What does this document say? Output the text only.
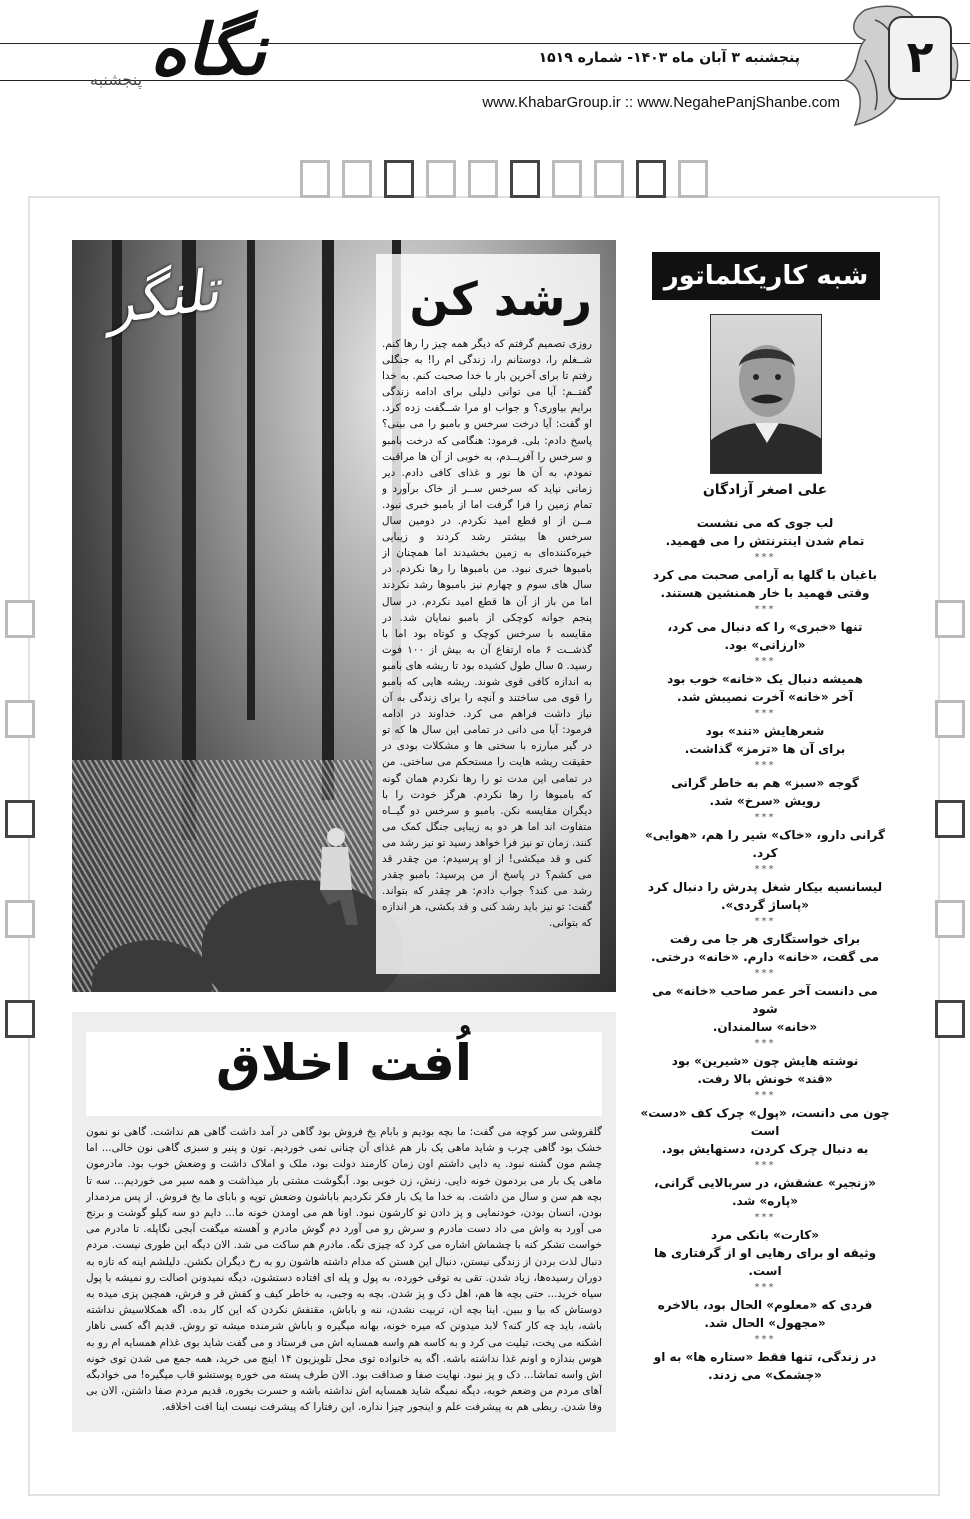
نگاه
پنجشنبه
پنجشنبه ۳ آبان ماه ۱۴۰۳- شماره ۱۵۱۹
www.KhabarGroup.ir :: www.NegahePanjShanbe.com
۲
تلنگر	رشد کن
روزی تصمیم گرفتم که دیگر همه چیز را رها کنم. شــغلم را، دوستانم را، زندگی ام را! به جنگلی رفتم تا برای آخرین بار با خدا صحبت کنم. به خدا گفتــم: آیا می توانی دلیلی برای ادامه زندگی برایم بیاوری؟ و جواب او مرا شــگفت زده کرد. او گفت: آیا درخت سرخس و بامبو را می بینی؟ پاسخ دادم: بلی. فرمود: هنگامی که درخت بامبو و سرخس را آفریــدم، به خوبی از آن ها مراقبت نمودم، به آن ها نور و غذای کافی دادم. دیر زمانی نپاید که سرخس ســر از خاک برآورد و تمام زمین را فرا گرفت اما از بامبو خبری نبود. مــن از او قطع امید نکردم. در دومین سال سرخس ها بیشتر رشد کردند و زیبایی خیره‌کننده‌ای به زمین بخشیدند اما همچنان از بامبوها خبری نبود. من بامبوها را رها نکردم. در سال های سوم و چهارم نیز بامبوها رشد نکردند اما من باز از آن ها قطع امید نکردم. در سال پنجم جوانه کوچکی از بامبو نمایان شد. در مقایسه با سرخس کوچک و کوتاه بود اما با گذشــت ۶ ماه ارتفاع آن به بیش از ۱۰۰ فوت رسید. ۵ سال طول کشیده بود تا ریشه های بامبو به اندازه کافی قوی شوند. ریشه هایی که بامبو را قوی می ساختند و آنچه را برای زندگی به آن نیاز داشت فراهم می کرد. خداوند در ادامه فرمود: آیا می دانی در تمامی این سال ها که تو در گیر مبارزه با سختی ها و مشکلات بودی در حقیقت ریشه هایت را مستحکم می ساختی. من در تمامی این مدت تو را رها نکردم همان گونه که بامبوها را رها نکردم. هرگز خودت را با دیگران مقایسه نکن. بامبو و سرخس دو گیــاه متفاوت اند اما هر دو به زیبایی جنگل کمک می کنند. زمان تو نیز فرا خواهد رسید تو نیز رشد می کنی و قد میکشی! از او پرسیدم: من چقدر قد می کشم؟ در پاسخ از من پرسید: بامبو چقدر رشد می کند؟ جواب دادم: هر چقدر که بتواند. گفت: تو نیز باید رشد کنی و قد بکشی، هر اندازه که بتوانی.
شبه کاریکلماتور
علی اصغر آزادگان
لب جوی که می نشست
تمام شدن اینترنتش را می فهمید.
***
باغبان با گلها به آرامی صحبت می کرد
وقتی فهمید با خار همنشین هستند.
***
تنها «خبری» را که دنبال می کرد، «ارزانی» بود.
***
همیشه دنبال یک «خانه» خوب بود
آخر «خانه» آخرت نصیبش شد.
***
شعرهایش «تند» بود
برای آن ها «ترمز» گذاشت.
***
گوجه «سبز» هم به خاطر گرانی
رویش «سرخ» شد.
***
گرانی دارو، «خاک» شیر را هم، «هوایی» کرد.
***
لیسانسیه بیکار شغل پدرش را دنبال کرد
«پاساژ گردی».
***
برای خواستگاری هر جا می رفت
می گفت، «خانه» دارم. «خانه» درختی.
***
می دانست آخر عمر صاحب «خانه» می شود
«خانه» سالمندان.
***
نوشته هایش چون «شیرین» بود
«قند» خونش بالا رفت.
***
چون می دانست، «پول» چرک کف «دست» است
به دنبال چرک کردن، دستهایش بود.
***
«زنجیر» عشقش، در سربالایی گرانی، «پاره» شد.
***
«کارت» بانکی مرد
وثیقه او برای رهایی او از گرفتاری ها است.
***
فردی که «معلوم» الحال بود، بالاخره
«مجهول» الحال شد.
***
در زندگی، تنها فقط «ستاره ها» به او
«چشمک» می زدند.
اُفت اخلاق
گلفروشی سر کوچه می گفت: ما بچه بودیم و بابام یخ فروش بود گاهی در آمد داشت گاهی هم نداشت. گاهی نو نمون خشک بود گاهی چرب و شاید ماهی یک بار هم غذای آن چنانی نمی خوردیم. نون و پنیر و سبزی گاهی نون خالی... اما چشم مون گشنه نبود. یه دایی داشتم اون زمان کارمند دولت بود، ملک و املاک داشت و وضعش خوب بود. مادرمون ماهی یک بار می بردمون خونه دایی. زنش، زن خوبی بود. آبگوشت مشتی بار میذاشت و همه سیر می خوردیم... سه تا بچه هم سن و سال من داشت. به خدا ما یک بار فکر نکردیم باباشون وضعش توپه و بابای ما یخ فروش. از پس مردمدار بودن، انسان بودن، خودنمایی و پز دادن تو کارشون نبود. اونا هم می اومدن خونه ما... دایم دو سه کیلو گوشت و برنج می آورد به واش می داد دست مادرم و سرش رو می آورد دم گوش مادرم و آهسته میگفت آبجی نگاپله. تا مادرم می خواست تشکر کنه با چشماش اشاره می کرد که چیزی نگه. مادرم هم ساکت می شد. الان دیگه این طوری نیست. مردم دنبال لذت بردن از زندگی نیستن، دنبال این هستن که مدام داشته هاشون رو به رخ دیگران بکشن. دلیلشم اینه که تازه به دوران رسیده‌ها، زیاد شدن. تقی به توقی خورده، به پول و پله ای افتاده دستشون، دیگه نمیدونن اصالت رو نمیشه با پول سیاه خرید... حتی بچه ها هم، اهل دک و پز شدن. بچه به وجبی، به خاطر کیف و کفش قر و فرش، همچین پزی میده به دوستاش که بیا و ببین. اینا بچه ان، تربیت نشدن، ننه و باباش، مقتفش نکردن که این کار بده. اگه همکلاسیش نداشته باشه، باید چه کار کنه؟ لابد میدونن که میره خونه، بهانه میگیره و باباش شرمنده میشه تو روش. قدیم اگه کسی ناهار اشکنه می پخت، تیلیت می کرد و به کاسه هم واسه همسایه اش می فرستاد و می گفت شاید بوی غذام همسایه ام رو به هوس بندازه و اونم غذا نداشته باشه. اگه یه خانواده توی محل تلویزیون ۱۴ اینچ می خرید، همه جمع می شدن توی خونه اش واسه تماشا... دک و پز نبود. نهایت صفا و صداقت بود. الان طرف پسته می خوره پوستشو قاب میگیره! می خوادبگه آهای مردم من وضعم خوبه، دیگه نمیگه شاید همسایه اش نداشته باشه و حسرت بخوره. قدیم مردم صفا داشتن، الان بی وفا شدن. ربطی هم به پیشرفت علم و اینجور چیزا نداره. این رفتارا که پیشرفت نیست اینا افت اخلاقه.
